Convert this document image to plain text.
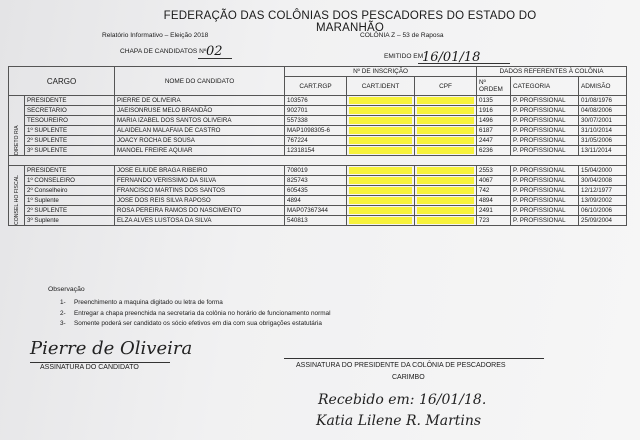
FEDERAÇÃO DAS COLÔNIAS DOS PESCADORES DO ESTADO DO MARANHÃO
Relatório Informativo – Eleição 2018	COLÔNIA Z – 53 de Raposa
CHAPA DE CANDIDATOS Nº 02	EMITIDO EM
16/01/18
CARGO		NOME DO CANDIDATO	Nº DE INSCRIÇÃO			DADOS REFERENTES À COLÔNIA		
			CART.RGP	CART.IDENT	CPF	Nº ORDEM	CATEGORIA	ADMISÃO
DIRETO RIA	PRESIDENTE	PIERRE DE OLIVEIRA	103576			0135	P. PROFISSIONAL	01/08/1976
	SECRETARIO	JAEISONRUSE MELO BRANDÃO	902701			1916	P. PROFISSIONAL	04/08/2006
	TESOUREIRO	MARIA IZABEL DOS SANTOS OLIVEIRA	557338			1496	P. PROFISSIONAL	30/07/2001
	1º SUPLENTE	ALAIDELAN MALAFAIA DE CASTRO	MAP1098305-6			6187	P. PROFISSIONAL	31/10/2014
	2º SUPLENTE	JOACY ROCHA DE SOUSA	767224			2447	P. PROFISSIONAL	31/05/2006
	3º SUPLENTE	MANOEL FREIRE AQUIAR	12318154			6236	P. PROFISSIONAL	13/11/2014

CONSEL HO FISCAL	PRESIDENTE	JOSE ELIUDE BRAGA RIBEIRO	708019			2553	P. PROFISSIONAL	15/04/2000
	1º CONSELEIRO	FERNANDO VERISSIMO DA SILVA	825743			4067	P. PROFISSIONAL	30/04/2008
	2º Conselheiro	FRANCISCO MARTINS DOS SANTOS	605435			742	P. PROFISSIONAL	12/12/1977
	1º Suplente	JOSE DOS REIS SILVA RAPOSO	4894			4894	P. PROFISSIONAL	13/09/2002
	2º SUPLENTE	ROSA PEREIRA RAMOS DO NASCIMENTO	MAP07367344			2491	P. PROFISSIONAL	06/10/2006
	3º Suplente	ELZA ALVES LUSTOSA DA SILVA	540813			723	P. PROFISSIONAL	25/09/2004
Observação
1- Preenchimento a maquina digitado ou letra de forma
2- Entregar a chapa preenchida na secretaria da colônia no horário de funcionamento normal
3- Somente poderá ser candidato os sócio efetivos em dia com sua obrigações estatutária
Pierre de Oliveira
ASSINATURA DO CANDIDATO	ASSINATURA DO PRESIDENTE DA COLÔNIA DE PESCADORES
CARIMBO
Recebido em: 16/01/18.
Katia Lilene R. Martins
